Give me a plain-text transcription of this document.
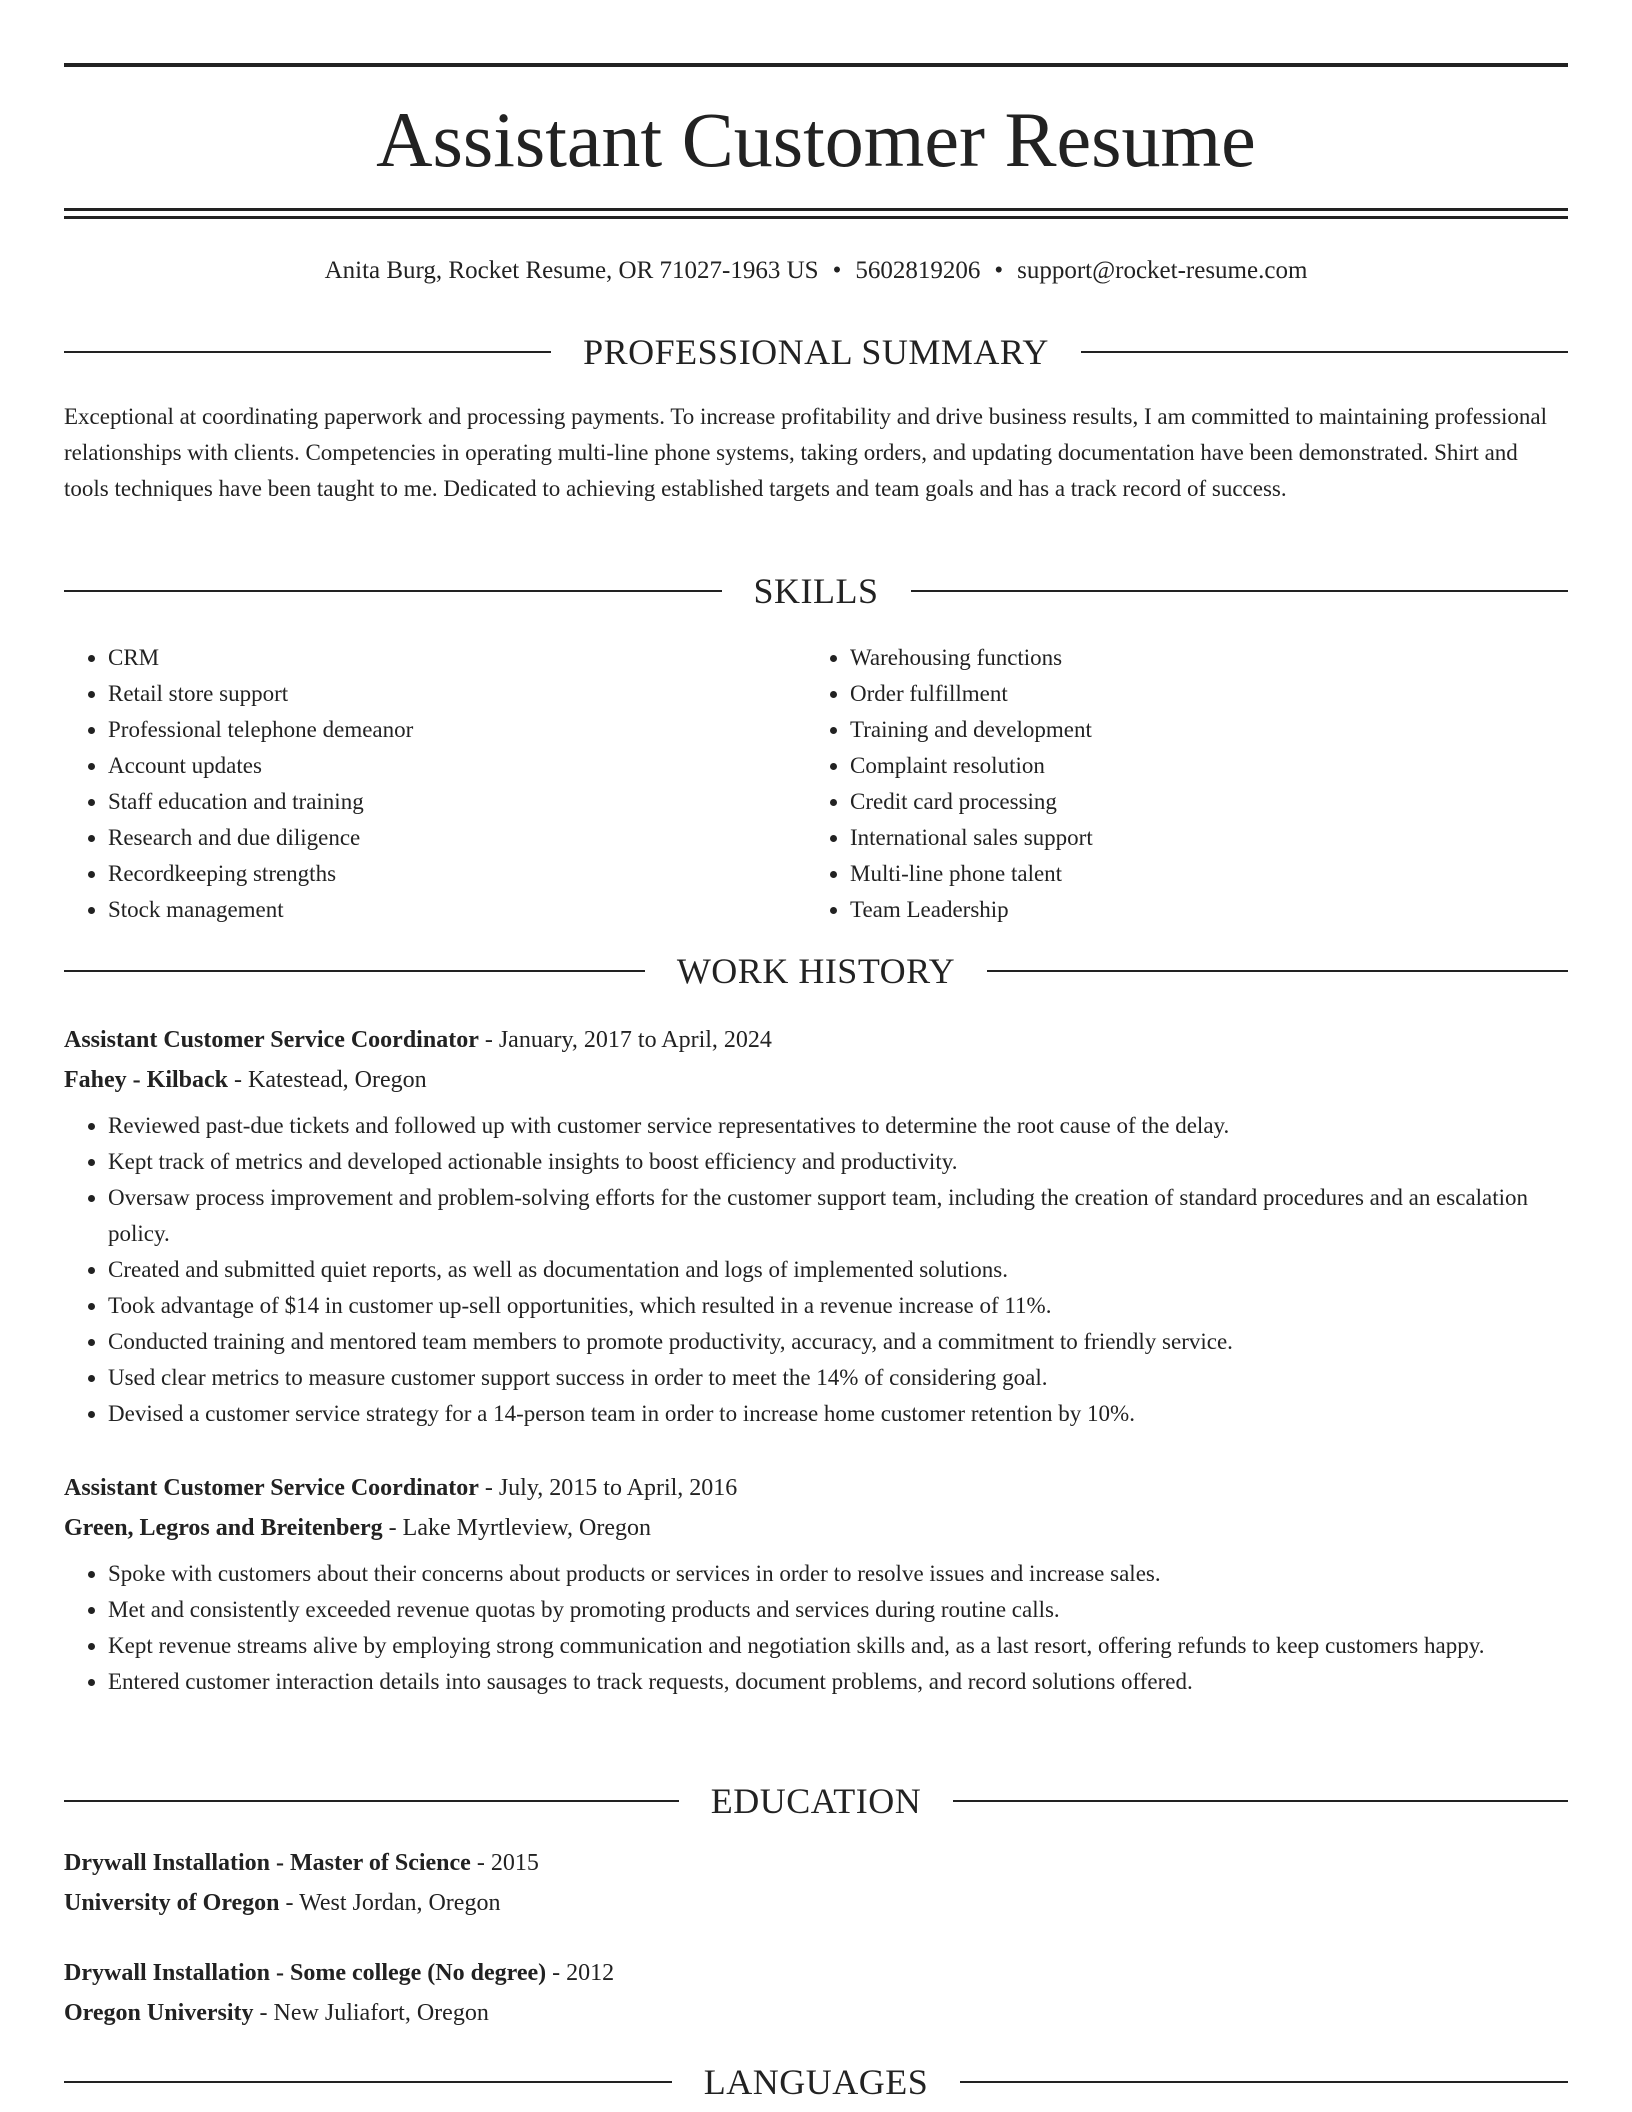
Assistant Customer Resume
Anita Burg, Rocket Resume, OR 71027-1963 US • 5602819206 • support@rocket-resume.com
PROFESSIONAL SUMMARY

Exceptional at coordinating paperwork and processing payments. To increase profitability and drive business results, I am committed to maintaining professional relationships with clients. Competencies in operating multi-line phone systems, taking orders, and updating documentation have been demonstrated. Shirt and tools techniques have been taught to me. Dedicated to achieving established targets and team goals and has a track record of success.

SKILLS
• CRM
• Retail store support
• Professional telephone demeanor
• Account updates
• Staff education and training
• Research and due diligence
• Recordkeeping strengths
• Stock management
• Warehousing functions
• Order fulfillment
• Training and development
• Complaint resolution
• Credit card processing
• International sales support
• Multi-line phone talent
• Team Leadership
WORK HISTORY
Assistant Customer Service Coordinator - January, 2017 to April, 2024
Fahey - Kilback - Katestead, Oregon
• Reviewed past-due tickets and followed up with customer service representatives to determine the root cause of the delay.
• Kept track of metrics and developed actionable insights to boost efficiency and productivity.
• Oversaw process improvement and problem-solving efforts for the customer support team, including the creation of standard procedures and an escalation policy.
• Created and submitted quiet reports, as well as documentation and logs of implemented solutions.
• Took advantage of $14 in customer up-sell opportunities, which resulted in a revenue increase of 11%.
• Conducted training and mentored team members to promote productivity, accuracy, and a commitment to friendly service.
• Used clear metrics to measure customer support success in order to meet the 14% of considering goal.
• Devised a customer service strategy for a 14-person team in order to increase home customer retention by 10%.
Assistant Customer Service Coordinator - July, 2015 to April, 2016
Green, Legros and Breitenberg - Lake Myrtleview, Oregon
• Spoke with customers about their concerns about products or services in order to resolve issues and increase sales.
• Met and consistently exceeded revenue quotas by promoting products and services during routine calls.
• Kept revenue streams alive by employing strong communication and negotiation skills and, as a last resort, offering refunds to keep customers happy.
• Entered customer interaction details into sausages to track requests, document problems, and record solutions offered.
EDUCATION
Drywall Installation - Master of Science - 2015
University of Oregon - West Jordan, Oregon
Drywall Installation - Some college (No degree) - 2012
Oregon University - New Juliafort, Oregon
LANGUAGES
